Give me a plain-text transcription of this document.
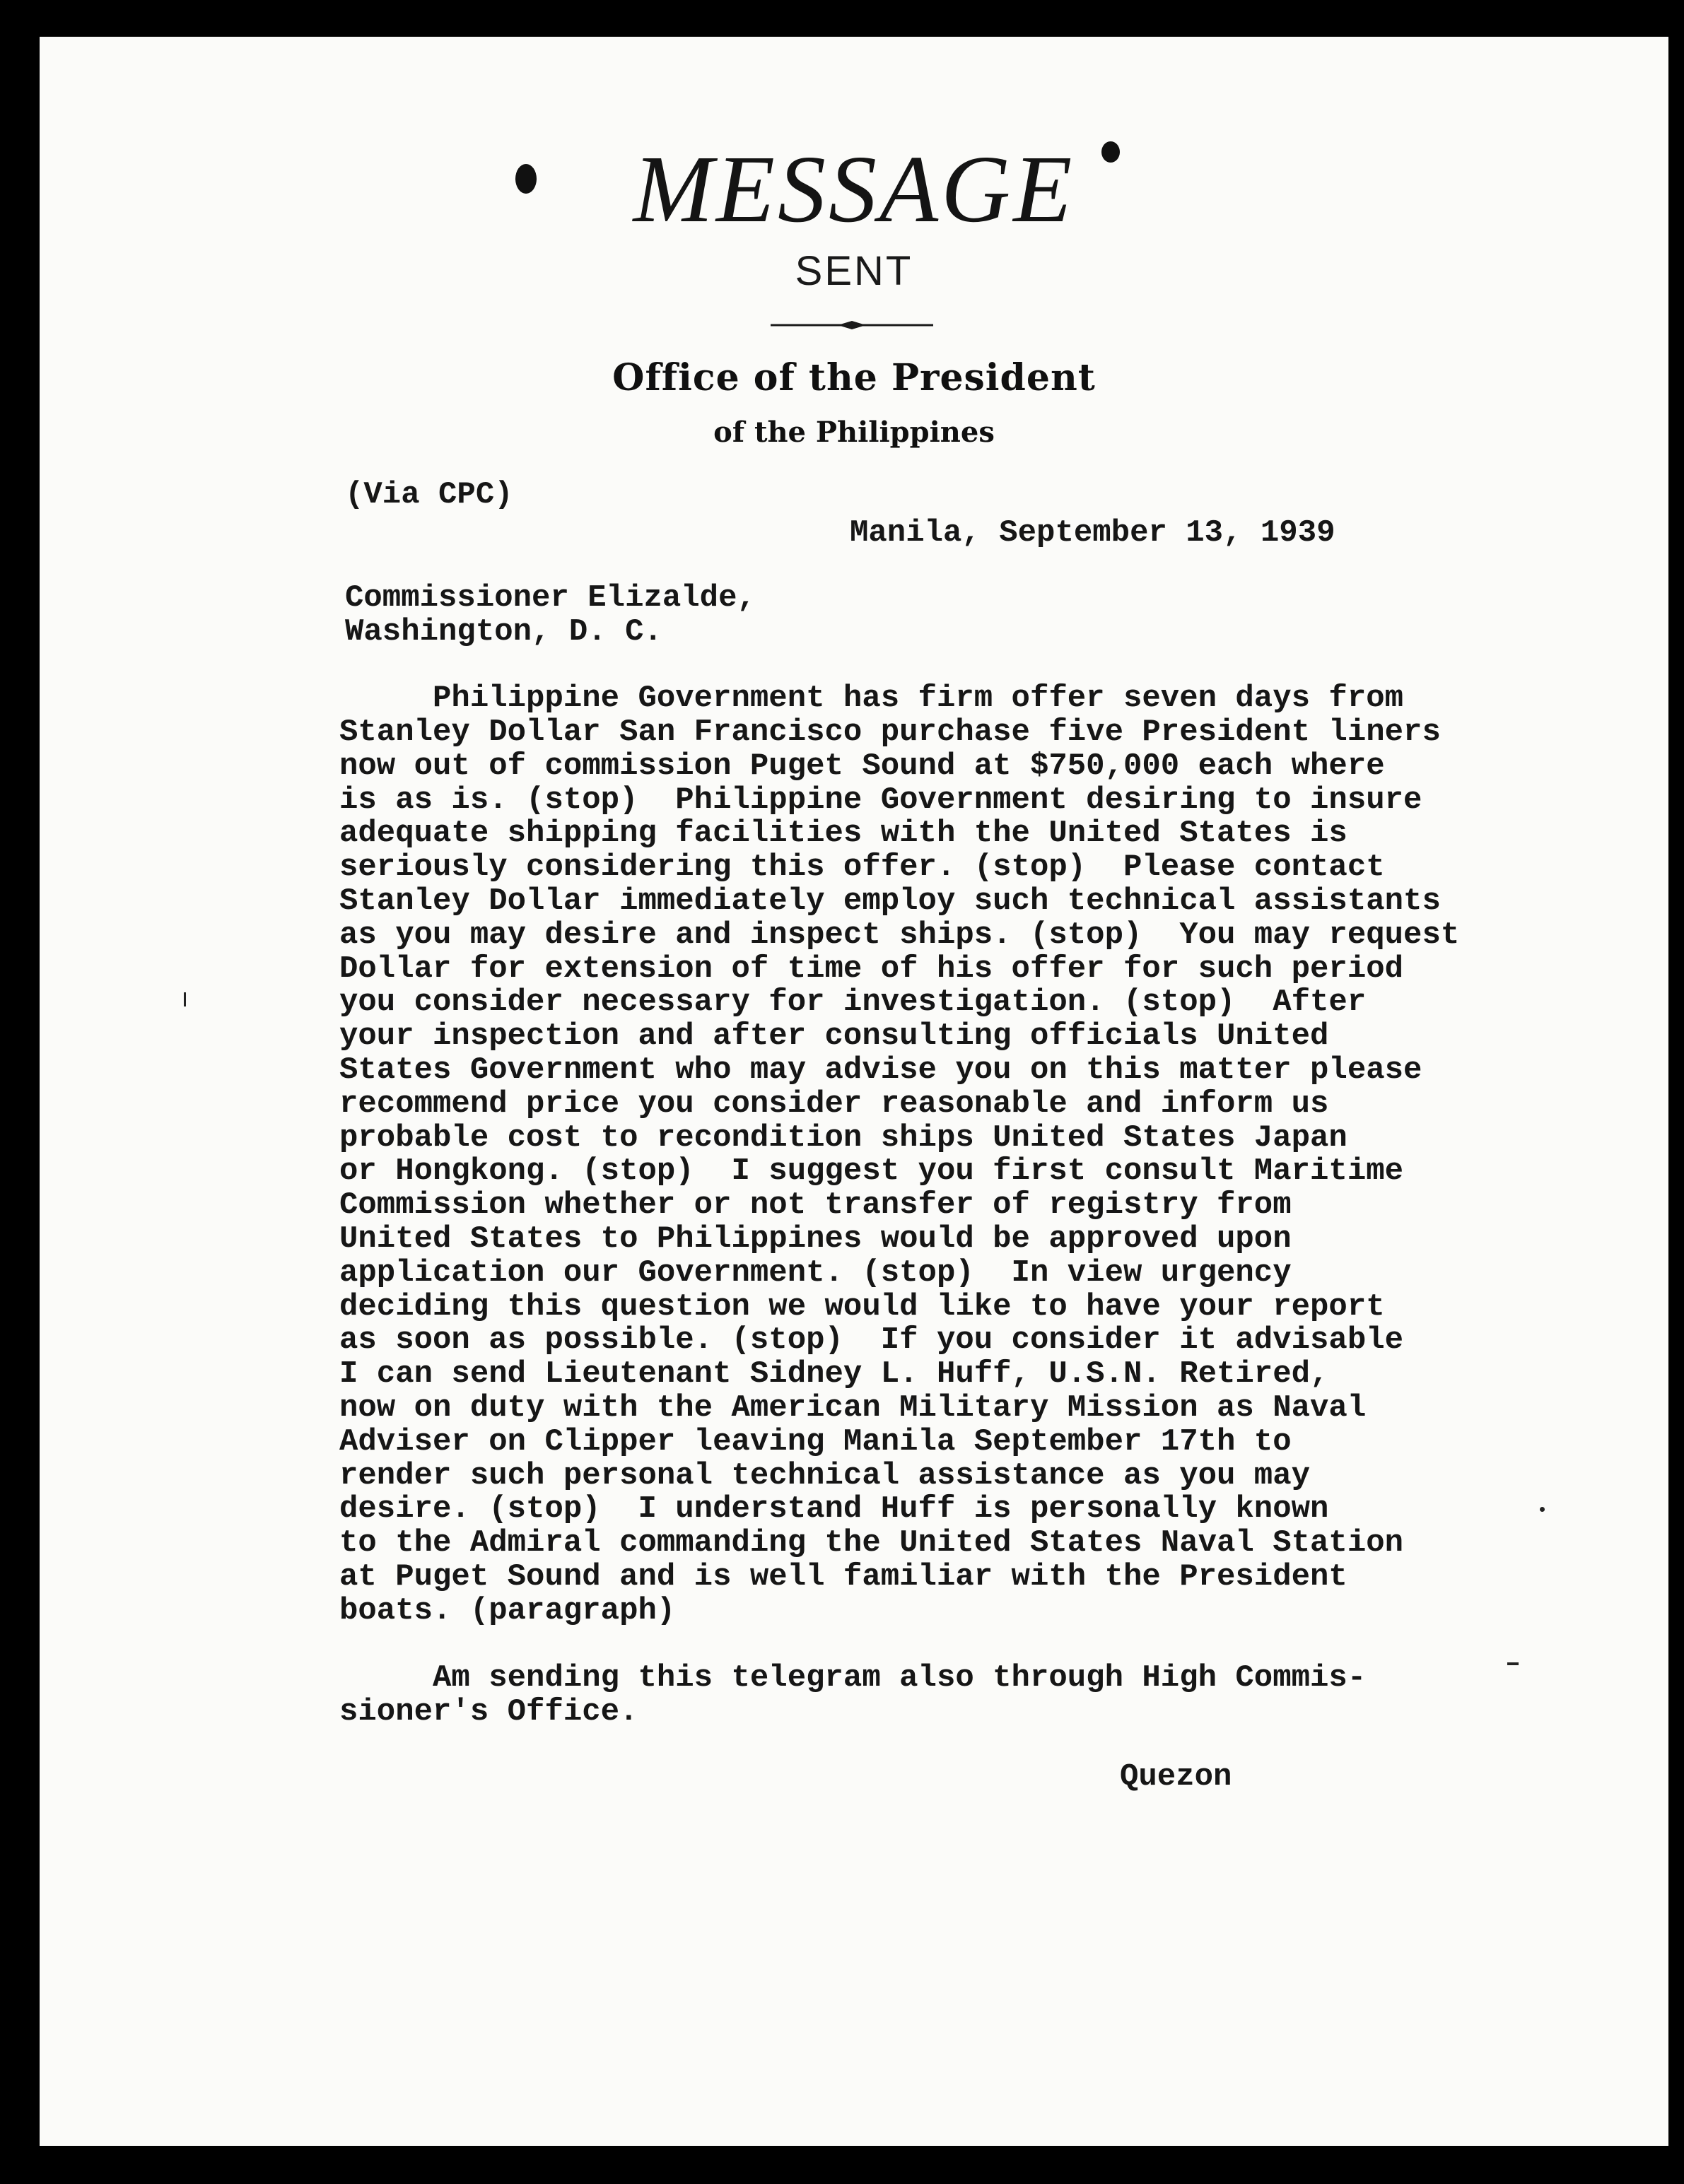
MESSAGE
SENT
Office of the President
of the Philippines
(Via CPC)
Manila, September 13, 1939
Commissioner Elizalde,
Washington, D. C.
Philippine Government has firm offer seven days from
Stanley Dollar San Francisco purchase five President liners
now out of commission Puget Sound at $750,000 each where
is as is. (stop)  Philippine Government desiring to insure
adequate shipping facilities with the United States is
seriously considering this offer. (stop)  Please contact
Stanley Dollar immediately employ such technical assistants
as you may desire and inspect ships. (stop)  You may request
Dollar for extension of time of his offer for such period
you consider necessary for investigation. (stop)  After
your inspection and after consulting officials United
States Government who may advise you on this matter please
recommend price you consider reasonable and inform us
probable cost to recondition ships United States Japan
or Hongkong. (stop)  I suggest you first consult Maritime
Commission whether or not transfer of registry from
United States to Philippines would be approved upon
application our Government. (stop)  In view urgency
deciding this question we would like to have your report
as soon as possible. (stop)  If you consider it advisable
I can send Lieutenant Sidney L. Huff, U.S.N. Retired,
now on duty with the American Military Mission as Naval
Adviser on Clipper leaving Manila September 17th to
render such personal technical assistance as you may
desire. (stop)  I understand Huff is personally known
to the Admiral commanding the United States Naval Station
at Puget Sound and is well familiar with the President
boats. (paragraph)
Am sending this telegram also through High Commis-
sioner's Office.
Quezon
